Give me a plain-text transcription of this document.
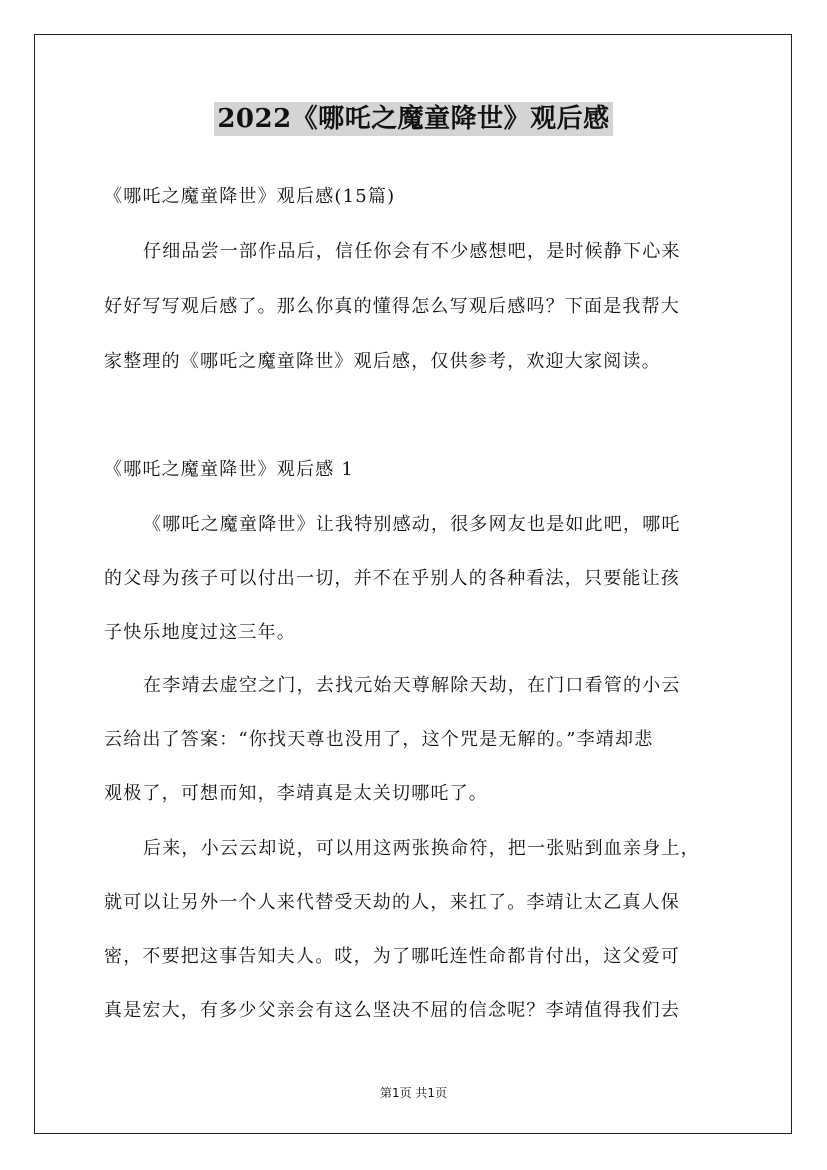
2022《哪吒之魔童降世》观后感
《哪吒之魔童降世》观后感(15篇)
仔细品尝一部作品后，信任你会有不少感想吧，是时候静下心来
好好写写观后感了。那么你真的懂得怎么写观后感吗？下面是我帮大
家整理的《哪吒之魔童降世》观后感，仅供参考，欢迎大家阅读。
《哪吒之魔童降世》观后感 1
《哪吒之魔童降世》让我特别感动，很多网友也是如此吧，哪吒
的父母为孩子可以付出一切，并不在乎别人的各种看法，只要能让孩
子快乐地度过这三年。
在李靖去虚空之门，去找元始天尊解除天劫，在门口看管的小云
云给出了答案：“你找天尊也没用了，这个咒是无解的。”李靖却悲
观极了，可想而知，李靖真是太关切哪吒了。
后来，小云云却说，可以用这两张换命符，把一张贴到血亲身上，
就可以让另外一个人来代替受天劫的人，来扛了。李靖让太乙真人保
密，不要把这事告知夫人。哎，为了哪吒连性命都肯付出，这父爱可
真是宏大，有多少父亲会有这么坚决不屈的信念呢？李靖值得我们去
第1页 共1页
